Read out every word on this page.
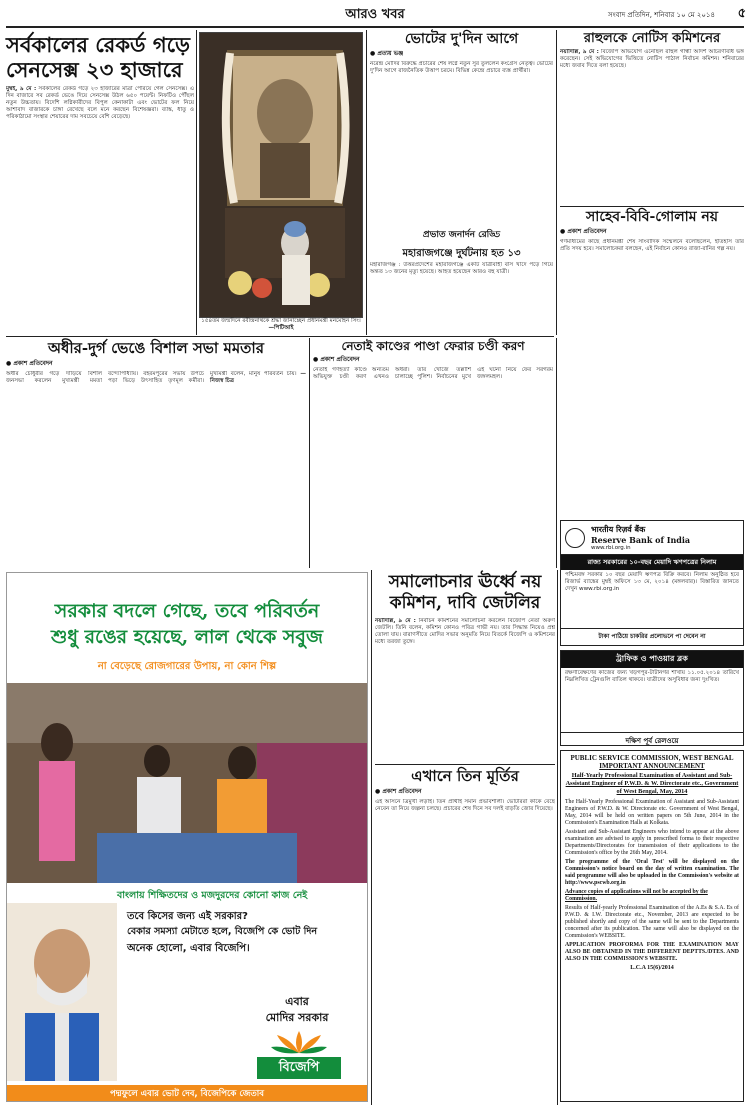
আরও খবর	সংবাদ প্রতিদিন, শনিবার ১০ মে ২০১৪	৫
সর্বকালের রেকর্ড গড়ে সেনসেক্স ২৩ হাজারে
মুম্বই, ৯ মে : সর্বকালের রেকর্ড গড়ে ২৩ হাজারের মাত্রা পেরিয়ে গেল সেনসেক্স। এ দিন বাজারে সব রেকর্ড ভেঙে দিয়ে সেনসেক্স উঠল ৬৫০ পয়েন্ট। নিফটিও পৌঁছল নতুন উচ্চতায়। বিদেশি লগ্নিকারীদের বিপুল কেনাকাটা এবং ভোটের ফল নিয়ে আশাবাদ বাজারকে চাঙ্গা রেখেছে বলে মনে করছেন বিশেষজ্ঞরা। ব্যাঙ্ক, ধাতু ও পরিকাঠামো সংস্থার শেয়ারের দাম সবচেয়ে বেশি বেড়েছে।
১৫৪তম জন্মদিনে রবীন্দ্রনাথকে শ্রদ্ধা জানাচ্ছেন প্রধানমন্ত্রী মনমোহন সিং। —পিটিআই
ভোটের দু'দিন আগে
● প্রত্যয় ভঞ্জ
নরেন্দ্র মোদির বিরুদ্ধে প্রচারের শেষ লগ্নে নতুন সুর তুললেন কংগ্রেস নেতৃত্ব। ভোটের দু'দিন আগে রাজনৈতিক উত্তাপ চরমে। বিভিন্ন কেন্দ্রে প্রচারে ব্যস্ত প্রার্থীরা।
প্রভাত জনার্দন রেড্ডি
মহারাজগঞ্জে দুর্ঘটনায় হত ১৩
মহারাজগঞ্জ : উত্তরপ্রদেশের মহারাজগঞ্জে একটি যাত্রীবাহী বাস খাদে পড়ে গিয়ে অন্তত ১৩ জনের মৃত্যু হয়েছে। আহত হয়েছেন আরও বহু যাত্রী।
রাহুলকে নোটিস কমিশনের
নয়াদিল্লি, ৯ মে : বিজেপি অভিযোগ এনেছিল রাহুল গান্ধী আদর্শ আচরণবিধি ভঙ্গ করেছেন। সেই অভিযোগের ভিত্তিতে নোটিস পাঠাল নির্বাচন কমিশন। শনিবারের মধ্যে জবাব দিতে বলা হয়েছে।
সাহেব-বিবি-গোলাম নয়
● প্রকাশ প্রতিবেদন
গণমাধ্যমের কাছে প্রধানমন্ত্রী শেষ সাংবাদিক সম্মেলনে বলেছিলেন, ইতিহাস তাঁর প্রতি সদয় হবে। সমালোচকরা বলছেন, এই নির্বাচন কোনও রাজা-রানির গল্প নয়।
অধীর-দুর্গ ভেঙে বিশাল সভা মমতার
● প্রকাশ প্রতিবেদন
অধীর চৌধুরীর গড়ে দাঁড়িয়ে বিশাল জনসভা করলেন মুখ্যমন্ত্রী মমতা বন্দ্যোপাধ্যায়। বহরমপুরের সভায় উপচে পড়া ভিড়ে উৎসাহিত তৃণমূল কর্মীরা। মুখ্যমন্ত্রী বলেন, মানুষ পরিবর্তন চায়। —নিজস্ব চিত্র
নেতাই কাণ্ডের পাণ্ডা ফেরার চণ্ডী করণ
● প্রকাশ প্রতিবেদন
নেতাই গণহত্যা কাণ্ডে অন্যতম অভিযুক্ত চণ্ডী করণ এখনও অধরা। তাঁর খোঁজে তল্লাশি চালাচ্ছে পুলিশ। নির্বাচনের মুখে এই ঘটনা নিয়ে ফের সরগরম জঙ্গলমহল।
भारतीय रिज़र्व बैंक
Reserve Bank of India
www.rbi.org.in
রাজ্য সরকারের ১০-বছর মেয়াদি ঋণপত্রের নিলাম
পশ্চিমবঙ্গ সরকার ১০ বছর মেয়াদি ঋণপত্র বিক্রি করবে। নিলাম অনুষ্ঠিত হবে রিজার্ভ ব্যাঙ্কের মুম্বই অফিসে ১৩ মে, ২০১৪ (মঙ্গলবার)। বিস্তারিত জানতে দেখুন www.rbi.org.in
টাকা পাঠিয়ে চাকরির প্রলোভনে পা দেবেন না
ট্রাফিক ও পাওয়ার ব্লক
রক্ষণাবেক্ষণের কাজের জন্য খড়গপুর-টাটানগর শাখায় ১১.০৫.২০১৪ তারিখে নিম্নলিখিত ট্রেনগুলি বাতিল থাকবে। যাত্রীদের অসুবিধার জন্য দুঃখিত।
দক্ষিণ পূর্ব রেলওয়ে
PUBLIC SERVICE COMMISSION, WEST BENGAL
IMPORTANT ANNOUNCEMENT
Half-Yearly Professional Examination of Assistant and Sub-Assistant Engineer of P.W.D. & W. Directorate etc., Government of West Bengal, May, 2014
The Half-Yearly Professional Examination of Assistant and Sub-Assistant Engineers of P.W.D. & W. Directorate etc. Government of West Bengal, May, 2014 will be held on written papers on 5th June, 2014 in the Commission's Examination Halls at Kolkata.
Assistant and Sub-Assistant Engineers who intend to appear at the above examination are advised to apply in prescribed forma to their respective Departments/Directorates for transmission of their applications to the Commission's office by the 26th May, 2014.
The programme of the 'Oral Test' will be displayed on the Commission's notice board on the day of written examination. The said programme will also be uploaded in the Commission's website at http://www.pscwb.org.in
Advance copies of applications will not be accepted by the Commission.
Results of Half-yearly Professional Examination of the A.Es & S.A. Es of P.W.D. & I.W. Directorate etc., November, 2013 are expected to be published shortly and copy of the same will be sent to the Departments concerned after its publication. The same will also be displayed on the Commission's WEBSITE.
APPLICATION PROFORMA FOR THE EXAMINATION MAY ALSO BE OBTAINED IN THE DIFFERENT DEPTTS./DTES. AND ALSO IN THE COMMISSION'S WEBSITE.
L.C.A 15(6)/2014
সরকার বদলে গেছে, তবে পরিবর্তন
শুধু রঙের হয়েছে, লাল থেকে সবুজ
না বেড়েছে রোজগারের উপায়, না কোন শিল্প
বাংলায় শিক্ষিতদের ও মজদুরদের কোনো কাজ নেই
তবে কিসের জন্য এই সরকার?
বেকার সমস্যা মেটাতে হলে, বিজেপি কে ভোট দিন
অনেক হোলো, এবার বিজেপি।
এবার
মোদির সরকার
বিজেপি
পদ্মফুলে এবার ভোট দেব, বিজেপিকে জেতাব
সমালোচনার ঊর্ধ্বে নয় কমিশন, দাবি জেটলির
নয়াদিল্লি, ৯ মে : নির্বাচন কমিশনের সমালোচনা করলেন বিজেপি নেতা অরুণ জেটলি। তিনি বলেন, কমিশন কোনও পবিত্র গাভী নয়। তার সিদ্ধান্ত নিয়েও প্রশ্ন তোলা যায়। বারাণসীতে মোদির সভার অনুমতি নিয়ে বিতর্কে বিজেপি ও কমিশনের মধ্যে তরজা তুঙ্গে।
এখানে তিন মূর্তির
● প্রকাশ প্রতিবেদন
এই আসনে ত্রিমুখী লড়াই। তিন প্রার্থীই সমান প্রভাবশালী। ভোটাররা কাকে বেছে নেবেন তা নিয়ে জল্পনা চলছে। প্রচারের শেষ দিনে সব দলই বাড়তি জোর দিয়েছে।
